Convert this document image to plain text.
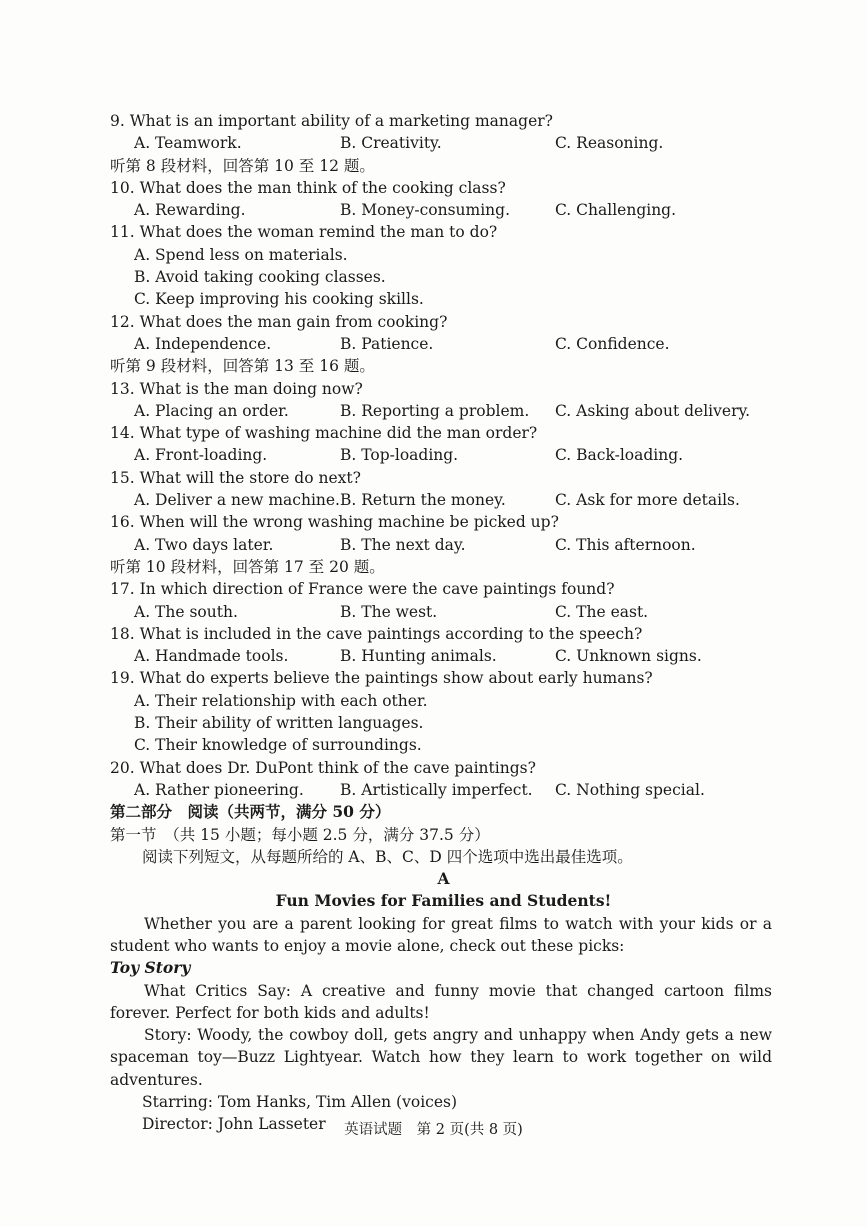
9. What is an important ability of a marketing manager?
A. Teamwork.	B. Creativity.	C. Reasoning.
听第 8 段材料，回答第 10 至 12 题。
10. What does the man think of the cooking class?
A. Rewarding.	B. Money-consuming.	C. Challenging.
11. What does the woman remind the man to do?
A. Spend less on materials.
B. Avoid taking cooking classes.
C. Keep improving his cooking skills.
12. What does the man gain from cooking?
A. Independence.	B. Patience.	C. Confidence.
听第 9 段材料，回答第 13 至 16 题。
13. What is the man doing now?
A. Placing an order.	B. Reporting a problem. C. Asking about delivery.
14. What type of washing machine did the man order?
A. Front-loading.	B. Top-loading.	C. Back-loading.
15. What will the store do next?
A. Deliver a new machine. B. Return the money.	C. Ask for more details.
16. When will the wrong washing machine be picked up?
A. Two days later.	B. The next day.	C. This afternoon.
听第 10 段材料，回答第 17 至 20 题。
17. In which direction of France were the cave paintings found?
A. The south.	B. The west.	C. The east.
18. What is included in the cave paintings according to the speech?
A. Handmade tools.	B. Hunting animals.	C. Unknown signs.
19. What do experts believe the paintings show about early humans?
A. Their relationship with each other.
B. Their ability of written languages.
C. Their knowledge of surroundings.
20. What does Dr. DuPont think of the cave paintings?
A. Rather pioneering. B. Artistically imperfect. C. Nothing special.
第二部分　阅读（共两节，满分 50 分）
第一节　（共 15 小题；每小题 2.5 分，满分 37.5 分）
阅读下列短文，从每题所给的 A、B、C、D 四个选项中选出最佳选项。
A
Fun Movies for Families and Students!
Whether you are a parent looking for great films to watch with your kids or a student who wants to enjoy a movie alone, check out these picks:
Toy Story
What Critics Say: A creative and funny movie that changed cartoon films forever. Perfect for both kids and adults!
Story: Woody, the cowboy doll, gets angry and unhappy when Andy gets a new spaceman toy—Buzz Lightyear. Watch how they learn to work together on wild adventures.
Starring: Tom Hanks, Tim Allen (voices)
Director: John Lasseter	英语试题　第 2 页(共 8 页)
